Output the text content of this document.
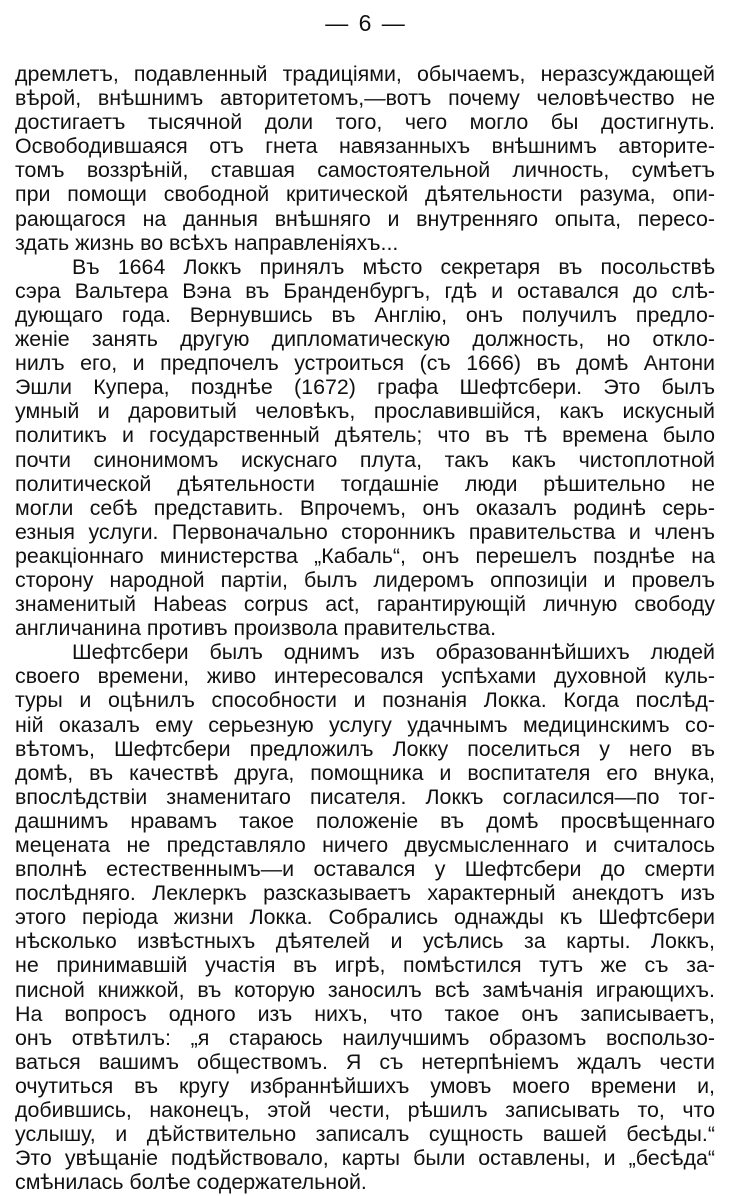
— 6 —
дремлетъ, подавленный традиціями, обычаемъ, неразсуждающей
вѣрой, внѣшнимъ авторитетомъ,—вотъ почему человѣчество не
достигаетъ тысячной доли того, чего могло бы достигнуть.
Освободившаяся отъ гнета навязанныхъ внѣшнимъ авторите-
томъ воззрѣній, ставшая самостоятельной личность, сумѣетъ
при помощи свободной критической дѣятельности разума, опи-
рающагося на данныя внѣшняго и внутренняго опыта, пересо-
здать жизнь во всѣхъ направленіяхъ...
Въ 1664 Локкъ принялъ мѣсто секретаря въ посольствѣ
сэра Вальтера Вэна въ Бранденбургъ, гдѣ и оставался до слѣ-
дующаго года. Вернувшись въ Англію, онъ получилъ предло-
женіе занять другую дипломатическую должность, но откло-
нилъ его, и предпочелъ устроиться (съ 1666) въ домѣ Антони
Эшли Купера, позднѣе (1672) графа Шефтсбери. Это былъ
умный и даровитый человѣкъ, прославившійся, какъ искусный
политикъ и государственный дѣятель; что въ тѣ времена было
почти синонимомъ искуснаго плута, такъ какъ чистоплотной
политической дѣятельности тогдашніе люди рѣшительно не
могли себѣ представить. Впрочемъ, онъ оказалъ родинѣ серь-
езныя услуги. Первоначально сторонникъ правительства и членъ
реакціоннаго министерства „Кабаль“, онъ перешелъ позднѣе на
сторону народной партіи, былъ лидеромъ оппозиціи и провелъ
знаменитый Habeas corpus act, гарантирующій личную свободу
англичанина противъ произвола правительства.
Шефтсбери былъ однимъ изъ образованнѣйшихъ людей
своего времени, живо интересовался успѣхами духовной куль-
туры и оцѣнилъ способности и познанія Локка. Когда послѣд-
ній оказалъ ему серьезную услугу удачнымъ медицинскимъ со-
вѣтомъ, Шефтсбери предложилъ Локку поселиться у него въ
домѣ, въ качествѣ друга, помощника и воспитателя его внука,
впослѣдствіи знаменитаго писателя. Локкъ согласился—по тог-
дашнимъ нравамъ такое положеніе въ домѣ просвѣщеннаго
мецената не представляло ничего двусмысленнаго и считалось
вполнѣ естественнымъ—и оставался у Шефтсбери до смерти
послѣдняго. Леклеркъ разсказываетъ характерный анекдотъ изъ
этого періода жизни Локка. Собрались однажды къ Шефтсбери
нѣсколько извѣстныхъ дѣятелей и усѣлись за карты. Локкъ,
не принимавшій участія въ игрѣ, помѣстился тутъ же съ за-
писной книжкой, въ которую заносилъ всѣ замѣчанія играющихъ.
На вопросъ одного изъ нихъ, что такое онъ записываетъ,
онъ отвѣтилъ: „я стараюсь наилучшимъ образомъ воспользо-
ваться вашимъ обществомъ. Я съ нетерпѣніемъ ждалъ чести
очутиться въ кругу избраннѣйшихъ умовъ моего времени и,
добившись, наконецъ, этой чести, рѣшилъ записывать то, что
услышу, и дѣйствительно записалъ сущность вашей бесѣды.“
Это увѣщаніе подѣйствовало, карты были оставлены, и „бесѣда“
смѣнилась болѣе содержательной.
